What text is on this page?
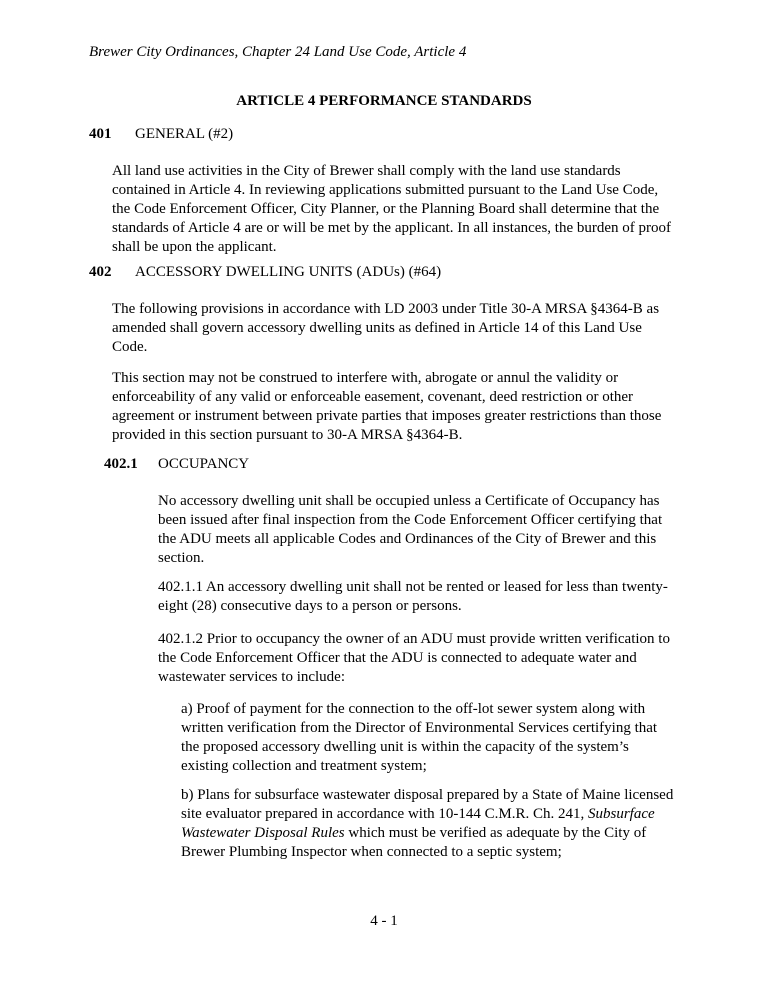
Brewer City Ordinances, Chapter 24 Land Use Code, Article 4
ARTICLE 4 PERFORMANCE STANDARDS
401 GENERAL (#2)

All land use activities in the City of Brewer shall comply with the land use standards contained in Article 4. In reviewing applications submitted pursuant to the Land Use Code, the Code Enforcement Officer, City Planner, or the Planning Board shall determine that the standards of Article 4 are or will be met by the applicant. In all instances, the burden of proof shall be upon the applicant.

402 ACCESSORY DWELLING UNITS (ADUs) (#64)

The following provisions in accordance with LD 2003 under Title 30-A MRSA §4364-B as amended shall govern accessory dwelling units as defined in Article 14 of this Land Use Code.

This section may not be construed to interfere with, abrogate or annul the validity or enforceability of any valid or enforceable easement, covenant, deed restriction or other agreement or instrument between private parties that imposes greater restrictions than those provided in this section pursuant to 30-A MRSA §4364-B.

402.1 OCCUPANCY

No accessory dwelling unit shall be occupied unless a Certificate of Occupancy has been issued after final inspection from the Code Enforcement Officer certifying that the ADU meets all applicable Codes and Ordinances of the City of Brewer and this section.

402.1.1 An accessory dwelling unit shall not be rented or leased for less than twenty-eight (28) consecutive days to a person or persons.

402.1.2 Prior to occupancy the owner of an ADU must provide written verification to the Code Enforcement Officer that the ADU is connected to adequate water and wastewater services to include:

a) Proof of payment for the connection to the off-lot sewer system along with written verification from the Director of Environmental Services certifying that the proposed accessory dwelling unit is within the capacity of the system’s existing collection and treatment system;

b) Plans for subsurface wastewater disposal prepared by a State of Maine licensed site evaluator prepared in accordance with 10-144 C.M.R. Ch. 241, Subsurface Wastewater Disposal Rules which must be verified as adequate by the City of Brewer Plumbing Inspector when connected to a septic system;

4 - 1
